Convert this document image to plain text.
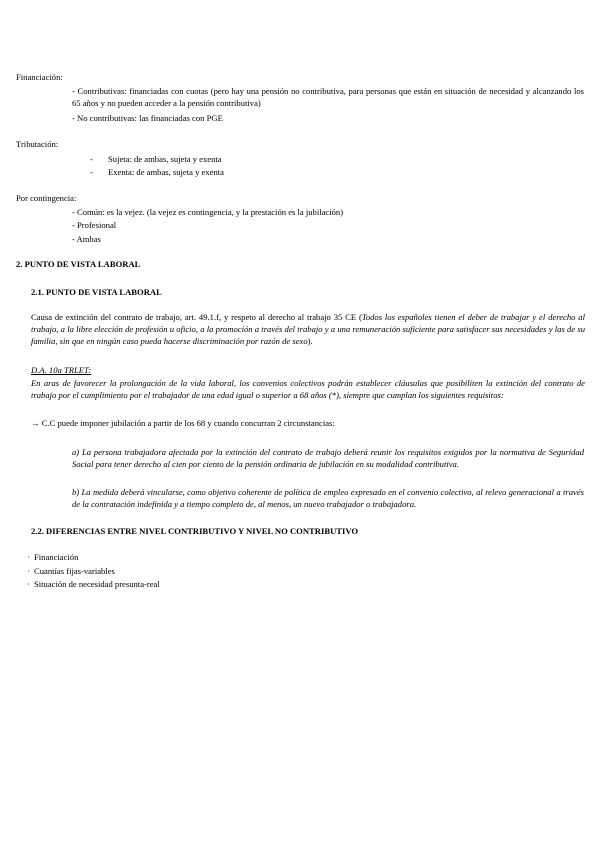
Financiación:
- Contributivas: financiadas con cuotas (pero hay una pensión no contributiva, para personas que están en situación de necesidad y alcanzando los 65 años y no pueden acceder a la pensión contributiva)
- No contributivas: las financiadas con PGE
Tributación:
- Sujeta: de ambas, sujeta y exenta
- Exenta: de ambas, sujeta y exenta
Por contingencia:
- Común: es la vejez. (la vejez es contingencia, y la prestación es la jubilación)
- Profesional
- Ambas
2. PUNTO DE VISTA LABORAL
2.1. PUNTO DE VISTA LABORAL
Causa de extinción del contrato de trabajo, art. 49.1.f, y respeto al derecho al trabajo 35 CE (Todos los españoles tienen el deber de trabajar y el derecho al trabajo, a la libre elección de profesión u oficio, a la promoción a través del trabajo y a una remuneración suficiente para satisfacer sus necesidades y las de su familia, sin que en ningún caso pueda hacerse discriminación por razón de sexo).
D.A. 10a TRLET:
En aras de favorecer la prolongación de la vida laboral, los convenios colectivos podrán establecer cláusulas que posibiliten la extinción del contrato de trabajo por el cumplimiento por el trabajador de una edad igual o superior a 68 años (*), siempre que cumplan los siguientes requisitos:
→ C.C puede imponer jubilación a partir de los 68 y cuando concurran 2 circunstancias:
a) La persona trabajadora afectada por la extinción del contrato de trabajo deberá reunir los requisitos exigidos por la normativa de Seguridad Social para tener derecho al cien por ciento de la pensión ordinaria de jubilación en su modalidad contributiva.
b) La medida deberá vincularse, como objetivo coherente de política de empleo expresado en el convenio colectivo, al relevo generacional a través de la contratación indefinida y a tiempo completo de, al menos, un nuevo trabajador o trabajadora.
2.2. DIFERENCIAS ENTRE NIVEL CONTRIBUTIVO Y NIVEL NO CONTRIBUTIVO
· Financiación
· Cuantías fijas-variables
· Situación de necesidad presunta-real
